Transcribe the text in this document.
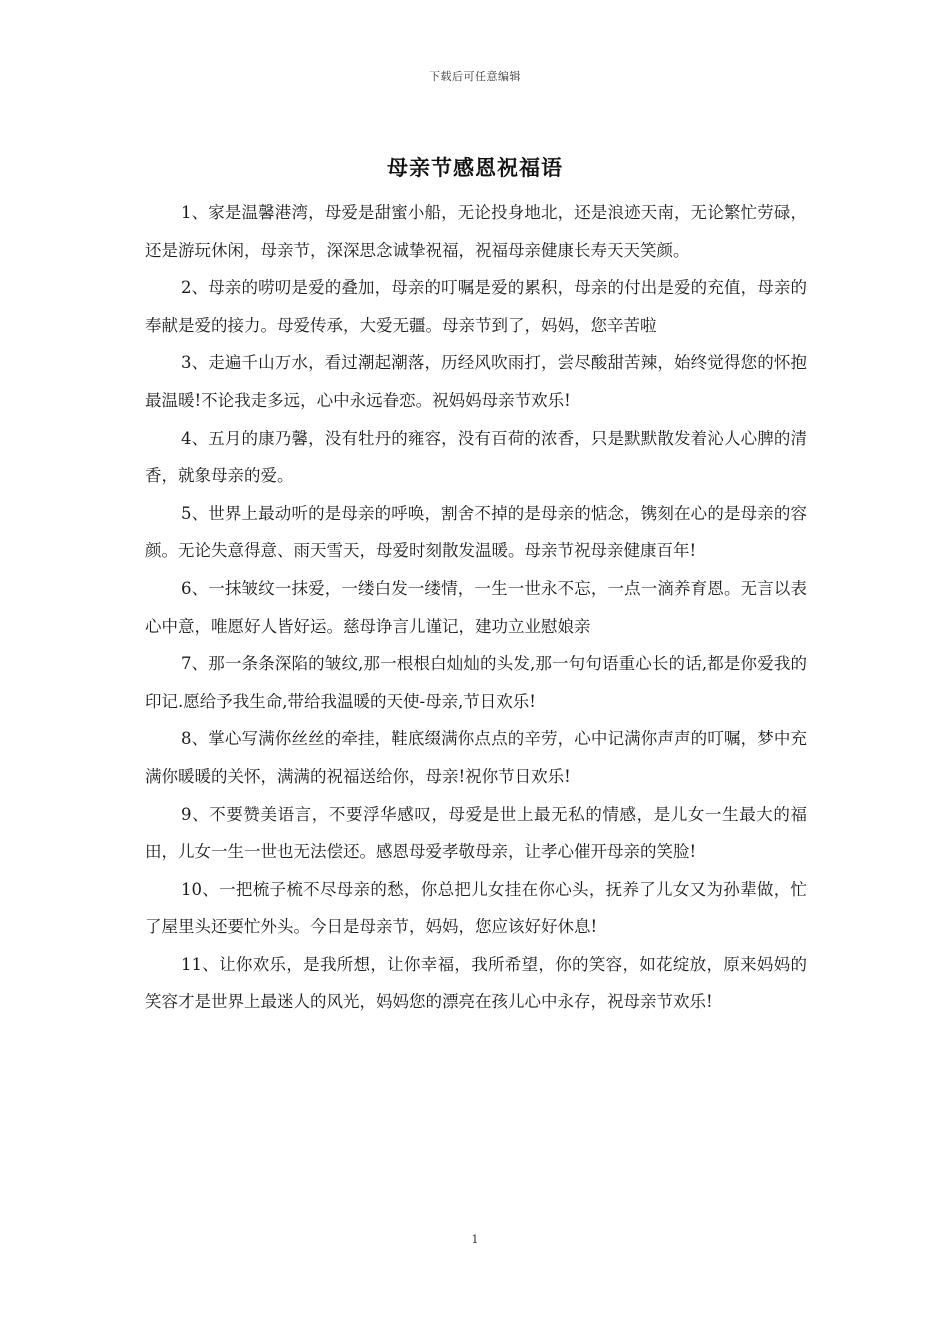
下载后可任意编辑
母亲节感恩祝福语

1、家是温馨港湾，母爱是甜蜜小船，无论投身地北，还是浪迹天南，无论繁忙劳碌，还是游玩休闲，母亲节，深深思念诚挚祝福，祝福母亲健康长寿天天笑颜。

2、母亲的唠叨是爱的叠加，母亲的叮嘱是爱的累积，母亲的付出是爱的充值，母亲的奉献是爱的接力。母爱传承，大爱无疆。母亲节到了，妈妈，您辛苦啦

3、走遍千山万水，看过潮起潮落，历经风吹雨打，尝尽酸甜苦辣，始终觉得您的怀抱最温暖!不论我走多远，心中永远眷恋。祝妈妈母亲节欢乐!

4、五月的康乃馨，没有牡丹的雍容，没有百荷的浓香，只是默默散发着沁人心脾的清香，就象母亲的爱。

5、世界上最动听的是母亲的呼唤，割舍不掉的是母亲的惦念，镌刻在心的是母亲的容颜。无论失意得意、雨天雪天，母爱时刻散发温暖。母亲节祝母亲健康百年!

6、一抹皱纹一抹爱，一缕白发一缕情，一生一世永不忘，一点一滴养育恩。无言以表心中意，唯愿好人皆好运。慈母诤言儿谨记，建功立业慰娘亲

7、那一条条深陷的皱纹,那一根根白灿灿的头发,那一句句语重心长的话,都是你爱我的印记.愿给予我生命,带给我温暖的天使-母亲,节日欢乐!

8、掌心写满你丝丝的牵挂，鞋底缀满你点点的辛劳，心中记满你声声的叮嘱，梦中充满你暖暖的关怀，满满的祝福送给你，母亲!祝你节日欢乐!

9、不要赞美语言，不要浮华感叹，母爱是世上最无私的情感，是儿女一生最大的福田，儿女一生一世也无法偿还。感恩母爱孝敬母亲，让孝心催开母亲的笑脸!

10、一把梳子梳不尽母亲的愁，你总把儿女挂在你心头，抚养了儿女又为孙辈做，忙了屋里头还要忙外头。今日是母亲节，妈妈，您应该好好休息!

11、让你欢乐，是我所想，让你幸福，我所希望，你的笑容，如花绽放，原来妈妈的笑容才是世界上最迷人的风光，妈妈您的漂亮在孩儿心中永存，祝母亲节欢乐!

1
